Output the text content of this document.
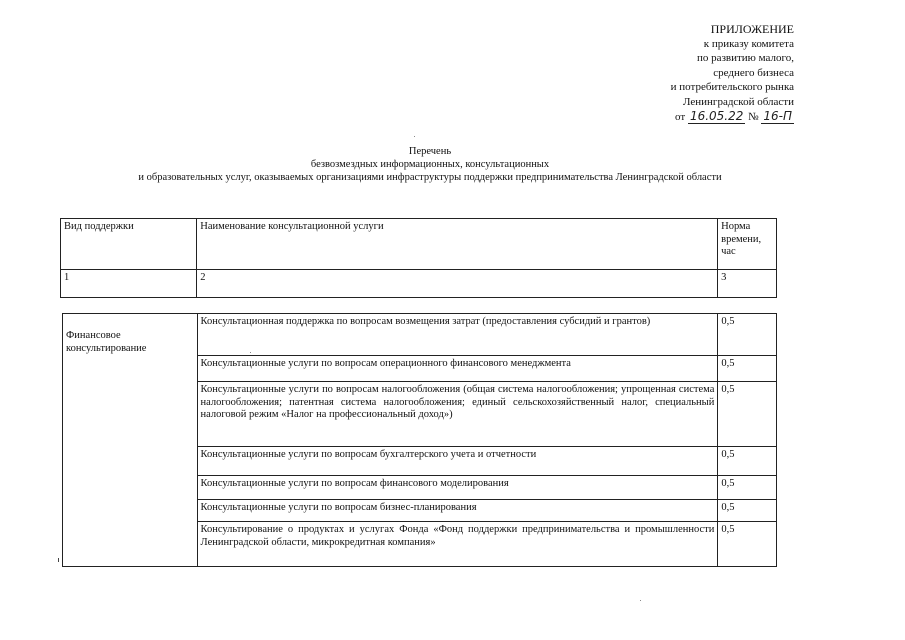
ПРИЛОЖЕНИЕ
к приказу комитета
по развитию малого,
среднего бизнеса
и потребительского рынка
Ленинградской области
от 16.05.22 № 16-П
Перечень
безвозмездных информационных, консультационных
и образовательных услуг, оказываемых организациями инфраструктуры поддержки предпринимательства Ленинградской области
Вид поддержки	Наименование консультационной услуги	Норма времени, час
1	2	3
Финансовое консультирование	Консультационная поддержка по вопросам возмещения затрат (предоставления субсидий и грантов)	0,5
	Консультационные услуги по вопросам операционного финансового менеджмента	0,5
	Консультационные услуги по вопросам налогообложения (общая система налогообложения; упрощенная система налогообложения; патентная система налогообложения; единый сельскохозяйственный налог, специальный налоговой режим «Налог на профессиональный доход»)	0,5
	Консультационные услуги по вопросам бухгалтерского учета и отчетности	0,5
	Консультационные услуги по вопросам финансового моделирования	0,5
	Консультационные услуги по вопросам бизнес-планирования	0,5
	Консультирование о продуктах и услугах Фонда «Фонд поддержки предпринимательства и промышленности Ленинградской области, микрокредитная компания»	0,5
